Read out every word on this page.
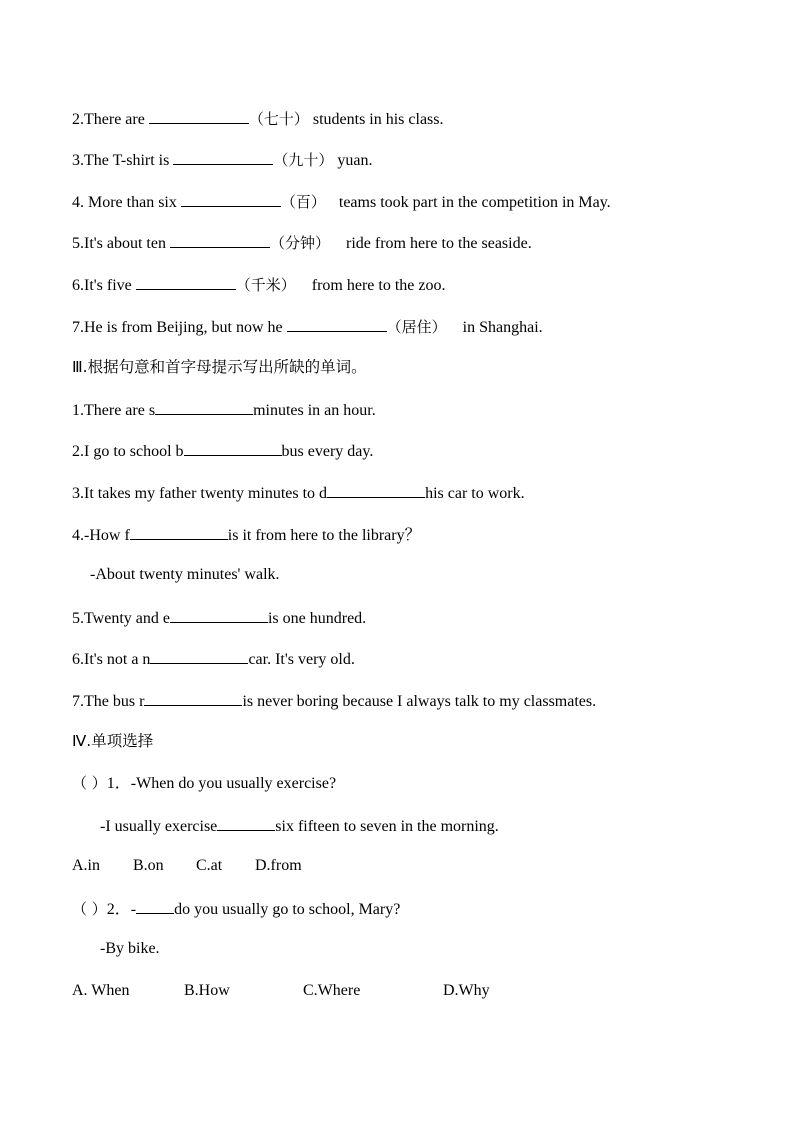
2.There are	（七十） students in his class.
3.The T-shirt is	（九十） yuan.
4. More than six	（百） teams took part in the competition in May.
5.It's about ten	（分钟） ride from here to the seaside.
6.It's five	（千米） from here to the zoo.
7.He is from Beijing, but now he	（居住） in Shanghai.
Ⅲ.根据句意和首字母提示写出所缺的单词。
1.There are s	minutes in an hour.
2.I go to school b	bus every day.
3.It takes my father twenty minutes to d	his car to work.
4.-How f	is it from here to the library？
-About twenty minutes' walk.
5.Twenty and e	is one hundred.
6.It's not a n	car. It's very old.
7.The bus r	is never boring because I always talk to my classmates.
Ⅳ.单项选择
（ ）1．-When do you usually exercise?
-I usually exercise	six fifteen to seven in the morning.
A.in B.on C.at D.from
（ ）2．- do you usually go to school, Mary?
-By bike.
A. When	B.How	C.Where	D.Why
